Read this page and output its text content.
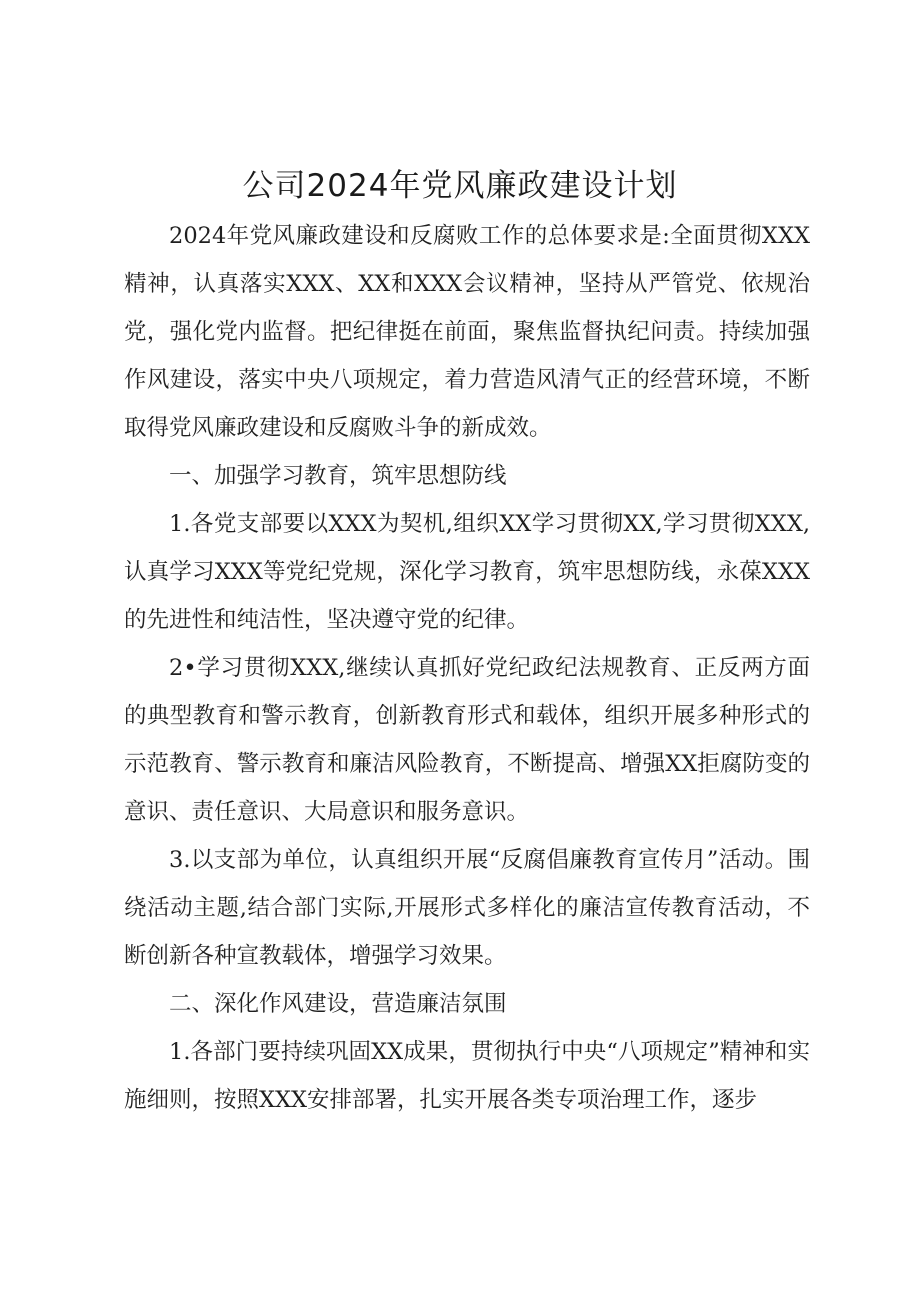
公司2024年党风廉政建设计划

2024年党风廉政建设和反腐败工作的总体要求是:全面贯彻XXX精神，认真落实XXX、XX和XXX会议精神，坚持从严管党、依规治党，强化党内监督。把纪律挺在前面，聚焦监督执纪问责。持续加强作风建设，落实中央八项规定，着力营造风清气正的经营环境，不断取得党风廉政建设和反腐败斗争的新成效。

一、加强学习教育，筑牢思想防线

1.各党支部要以XXX为契机,组织XX学习贯彻XX,学习贯彻XXX,认真学习XXX等党纪党规，深化学习教育，筑牢思想防线，永葆XXX的先进性和纯洁性，坚决遵守党的纪律。

2•学习贯彻XXX,继续认真抓好党纪政纪法规教育、正反两方面的典型教育和警示教育，创新教育形式和载体，组织开展多种形式的示范教育、警示教育和廉洁风险教育，不断提高、增强XX拒腐防变的意识、责任意识、大局意识和服务意识。

3.以支部为单位，认真组织开展“反腐倡廉教育宣传月”活动。围绕活动主题,结合部门实际,开展形式多样化的廉洁宣传教育活动，不断创新各种宣教载体，增强学习效果。

二、深化作风建设，营造廉洁氛围

1.各部门要持续巩固XX成果，贯彻执行中央“八项规定”精神和实施细则，按照XXX安排部署，扎实开展各类专项治理工作，逐步
